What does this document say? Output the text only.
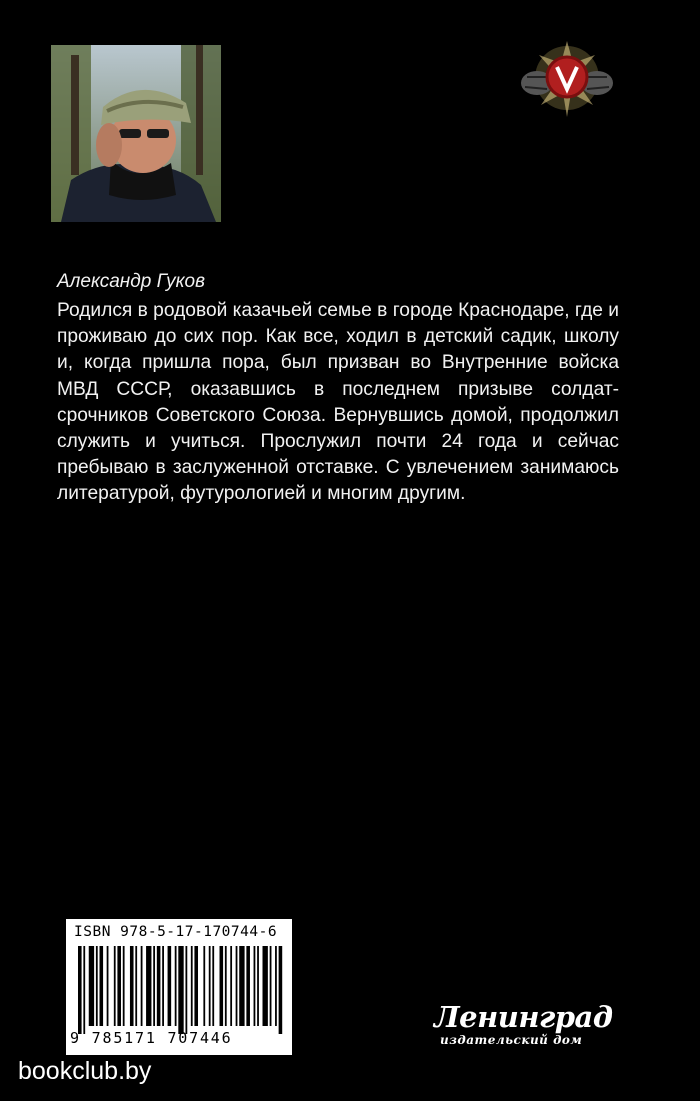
Александр Гуков

Родился в родовой казачьей семье в городе Краснодаре, где и проживаю до сих пор. Как все, ходил в детский садик, школу и, когда пришла пора, был призван во Внутренние войска МВД СССР, оказавшись в последнем призыве солдат-срочников Советского Союза. Вернувшись домой, продолжил служить и учиться. Прослужил почти 24 года и сейчас пребываю в заслуженной отставке. С увлечением занимаюсь литературой, футурологией и многим другим.

ISBN 978-5-17-170744-6
9 785171 707446
Ленинград
издательский дом
bookclub.by
